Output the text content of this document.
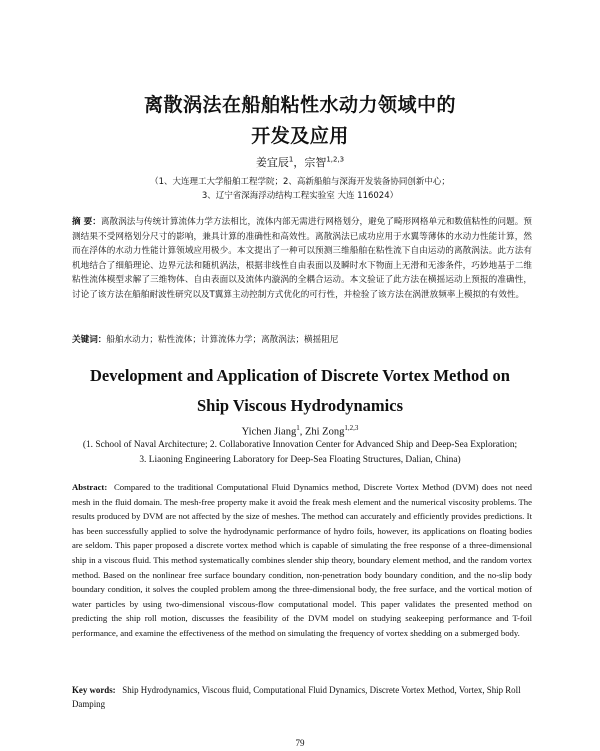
离散涡法在船舶粘性水动力领域中的
开发及应用
姜宜辰$^1$，宗智$^{1,2,3}$
（1、大连理工大学船舶工程学院；2、高新船舶与深海开发装备协同创新中心；
3、辽宁省深海浮动结构工程实验室 大连 116024）
摘 要：离散涡法与传统计算流体力学方法相比，流体内部无需进行网格划分，避免了畸形网格单元和数值粘性的问题。预测结果不受网格划分尺寸的影响，兼具计算的准确性和高效性。离散涡法已成功应用于水翼等薄体的水动力性能计算，然而在浮体的水动力性能计算领域应用极少。本文提出了一种可以预测三维船舶在粘性流下自由运动的离散涡法。此方法有机地结合了细船理论、边界元法和随机涡法，根据非线性自由表面以及瞬时水下物面上无滑和无渗条件，巧妙地基于二维粘性流体模型求解了三维物体、自由表面以及流体内漩涡的全耦合运动。本文验证了此方法在横摇运动上预报的准确性，讨论了该方法在船舶耐波性研究以及T翼算主动控制方式优化的可行性，并检验了该方法在涡泄放频率上模拟的有效性。
关键词：船舶水动力；粘性流体；计算流体力学；离散涡法；横摇阻尼
Development and Application of Discrete Vortex Method on
Ship Viscous Hydrodynamics
Yichen Jiang$^1$, Zhi Zong$^{1,2,3}$
(1. School of Naval Architecture; 2. Collaborative Innovation Center for Advanced Ship and Deep-Sea Exploration;
3. Liaoning Engineering Laboratory for Deep-Sea Floating Structures, Dalian, China)
Abstract: Compared to the traditional Computational Fluid Dynamics method, Discrete Vortex Method (DVM) does not need mesh in the fluid domain. The mesh-free property make it avoid the freak mesh element and the numerical viscosity problems. The results produced by DVM are not affected by the size of meshes. The method can accurately and efficiently provides predictions. It has been successfully applied to solve the hydrodynamic performance of hydro foils, however, its applications on floating bodies are seldom. This paper proposed a discrete vortex method which is capable of simulating the free response of a three-dimensional ship in a viscous fluid. This method systematically combines slender ship theory, boundary element method, and the random vortex method. Based on the nonlinear free surface boundary condition, non-penetration body boundary condition, and the no-slip body boundary condition, it solves the coupled problem among the three-dimensional body, the free surface, and the vortical motion of water particles by using two-dimensional viscous-flow computational model. This paper validates the presented method on predicting the ship roll motion, discusses the feasibility of the DVM model on studying seakeeping performance and T-foil performance, and examine the effectiveness of the method on simulating the frequency of vortex shedding on a submerged body.
Key words: Ship Hydrodynamics, Viscous fluid, Computational Fluid Dynamics, Discrete Vortex Method, Vortex, Ship Roll Damping
79
